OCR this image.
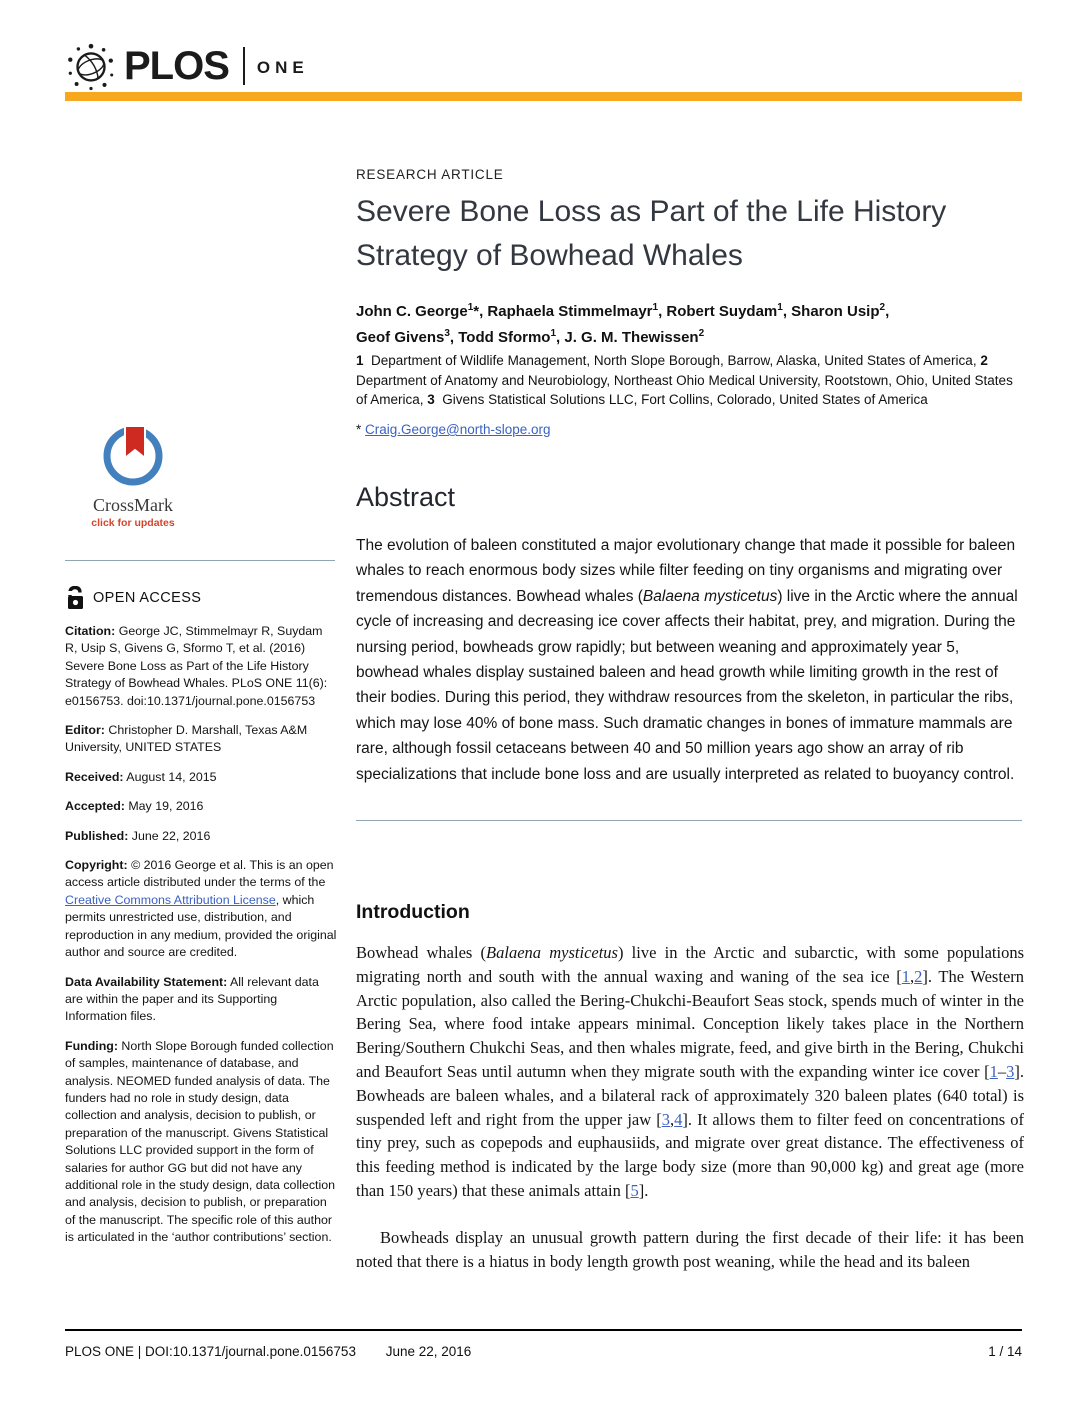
PLOS ONE
RESEARCH ARTICLE
Severe Bone Loss as Part of the Life History Strategy of Bowhead Whales
John C. George$^1$*, Raphaela Stimmelmayr$^1$, Robert Suydam$^1$, Sharon Usip$^2$,
Geof Givens$^3$, Todd Sformo$^1$, J. G. M. Thewissen$^2$
1  Department of Wildlife Management, North Slope Borough, Barrow, Alaska, United States of America, 2  Department of Anatomy and Neurobiology, Northeast Ohio Medical University, Rootstown, Ohio, United States of America, 3  Givens Statistical Solutions LLC, Fort Collins, Colorado, United States of America
* Craig.George@north-slope.org
Abstract
The evolution of baleen constituted a major evolutionary change that made it possible for baleen whales to reach enormous body sizes while filter feeding on tiny organisms and migrating over tremendous distances. Bowhead whales (Balaena mysticetus) live in the Arctic where the annual cycle of increasing and decreasing ice cover affects their habitat, prey, and migration. During the nursing period, bowheads grow rapidly; but between weaning and approximately year 5, bowhead whales display sustained baleen and head growth while limiting growth in the rest of their bodies. During this period, they withdraw resources from the skeleton, in particular the ribs, which may lose 40% of bone mass. Such dramatic changes in bones of immature mammals are rare, although fossil cetaceans between 40 and 50 million years ago show an array of rib specializations that include bone loss and are usually interpreted as related to buoyancy control.
Introduction
Bowhead whales (Balaena mysticetus) live in the Arctic and subarctic, with some populations migrating north and south with the annual waxing and waning of the sea ice [1,2]. The Western Arctic population, also called the Bering-Chukchi-Beaufort Seas stock, spends much of winter in the Bering Sea, where food intake appears minimal. Conception likely takes place in the Northern Bering/Southern Chukchi Seas, and then whales migrate, feed, and give birth in the Bering, Chukchi and Beaufort Seas until autumn when they migrate south with the expanding winter ice cover [1–3]. Bowheads are baleen whales, and a bilateral rack of approximately 320 baleen plates (640 total) is suspended left and right from the upper jaw [3,4]. It allows them to filter feed on concentrations of tiny prey, such as copepods and euphausiids, and migrate over great distance. The effectiveness of this feeding method is indicated by the large body size (more than 90,000 kg) and great age (more than 150 years) that these animals attain [5].
Bowheads display an unusual growth pattern during the first decade of their life: it has been noted that there is a hiatus in body length growth post weaning, while the head and its baleen
CrossMark
click for updates
OPEN ACCESS

Citation: George JC, Stimmelmayr R, Suydam R, Usip S, Givens G, Sformo T, et al. (2016) Severe Bone Loss as Part of the Life History Strategy of Bowhead Whales. PLoS ONE 11(6): e0156753. doi:10.1371/journal.pone.0156753

Editor: Christopher D. Marshall, Texas A&M University, UNITED STATES

Received: August 14, 2015

Accepted: May 19, 2016

Published: June 22, 2016

Copyright: © 2016 George et al. This is an open access article distributed under the terms of the Creative Commons Attribution License, which permits unrestricted use, distribution, and reproduction in any medium, provided the original author and source are credited.

Data Availability Statement: All relevant data are within the paper and its Supporting Information files.

Funding: North Slope Borough funded collection of samples, maintenance of database, and analysis. NEOMED funded analysis of data. The funders had no role in study design, data collection and analysis, decision to publish, or preparation of the manuscript. Givens Statistical Solutions LLC provided support in the form of salaries for author GG but did not have any additional role in the study design, data collection and analysis, decision to publish, or preparation of the manuscript. The specific role of this author is articulated in the ‘author contributions’ section.

PLOS ONE | DOI:10.1371/journal.pone.0156753 June 22, 2016	1 / 14
